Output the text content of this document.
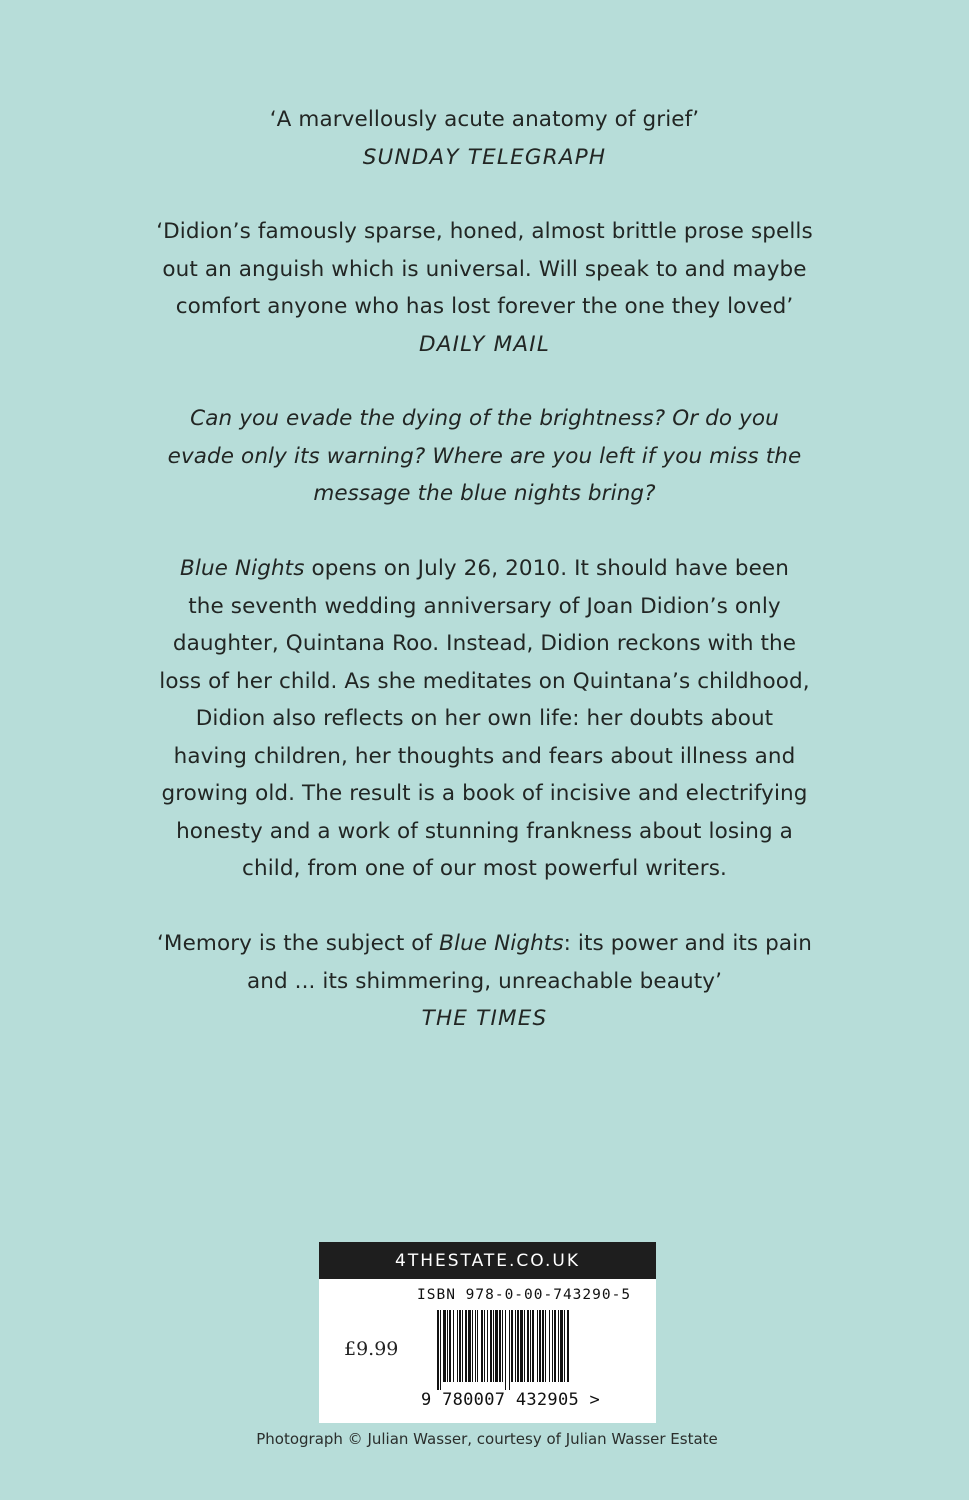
‘A marvellously acute anatomy of grief’
SUNDAY TELEGRAPH
‘Didion’s famously sparse, honed, almost brittle prose spells
out an anguish which is universal. Will speak to and maybe
comfort anyone who has lost forever the one they loved’
DAILY MAIL
Can you evade the dying of the brightness? Or do you
evade only its warning? Where are you left if you miss the
message the blue nights bring?
Blue Nights opens on July 26, 2010. It should have been
the seventh wedding anniversary of Joan Didion’s only
daughter, Quintana Roo. Instead, Didion reckons with the
loss of her child. As she meditates on Quintana’s childhood,
Didion also reflects on her own life: her doubts about
having children, her thoughts and fears about illness and
growing old. The result is a book of incisive and electrifying
honesty and a work of stunning frankness about losing a
child, from one of our most powerful writers.
‘Memory is the subject of Blue Nights: its power and its pain
and ... its shimmering, unreachable beauty’
THE TIMES
4THESTATE.CO.UK
ISBN 978-0-00-743290-5
£9.99
9 780007 432905 >
Photograph © Julian Wasser, courtesy of Julian Wasser Estate
